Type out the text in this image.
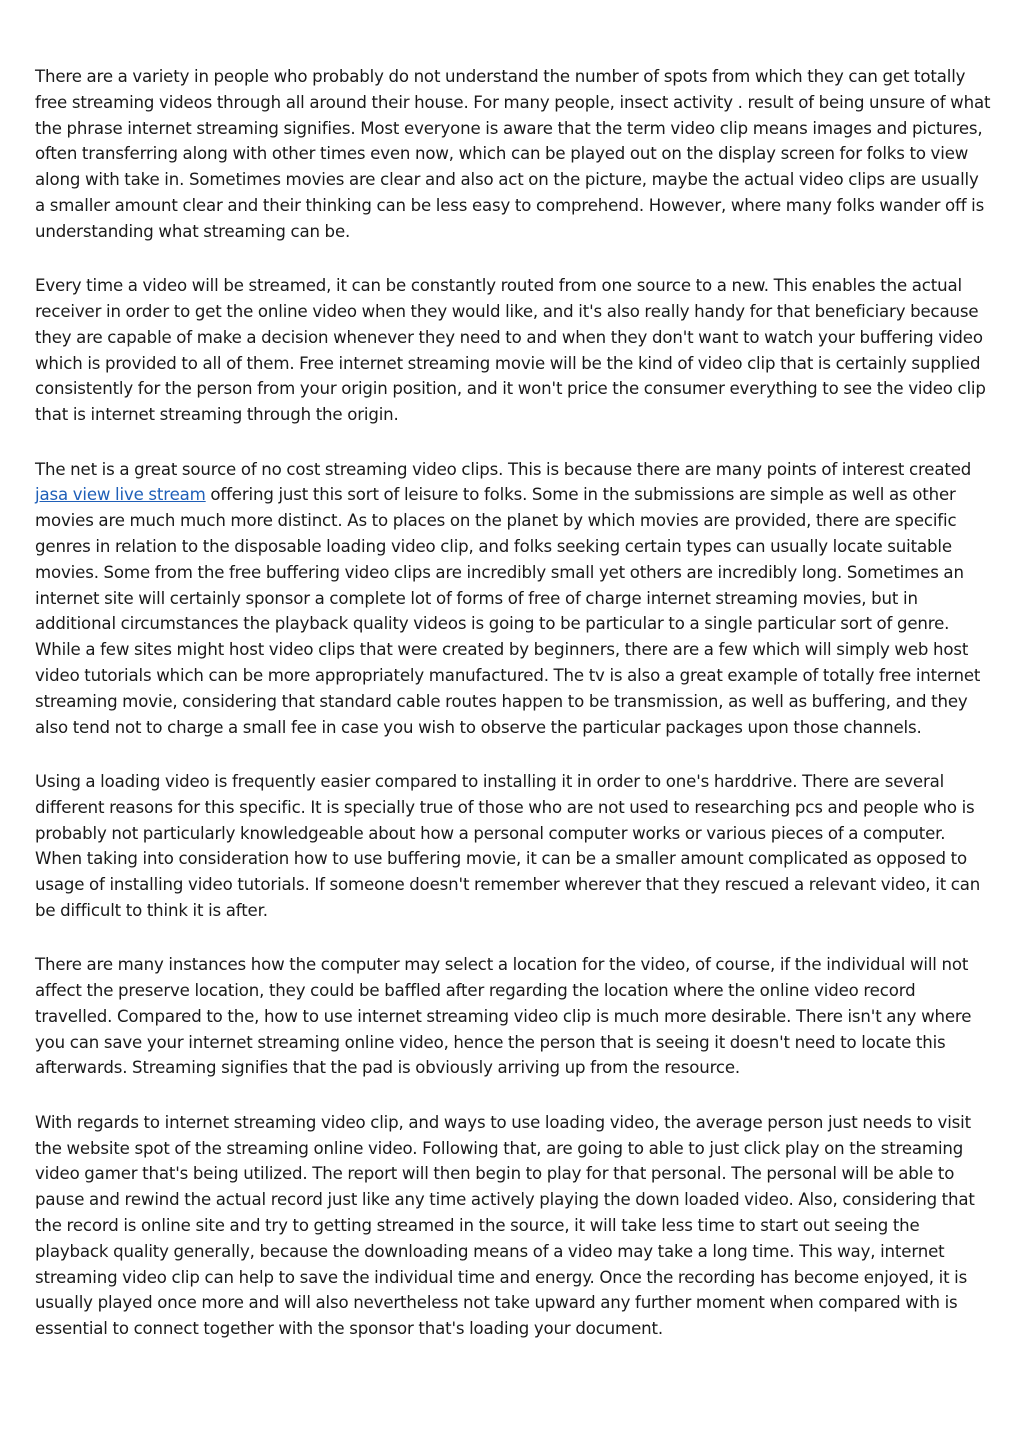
There are a variety in people who probably do not understand the number of spots from which they can get totally free streaming videos through all around their house. For many people, insect activity . result of being unsure of what the phrase internet streaming signifies. Most everyone is aware that the term video clip means images and pictures, often transferring along with other times even now, which can be played out on the display screen for folks to view along with take in. Sometimes movies are clear and also act on the picture, maybe the actual video clips are usually a smaller amount clear and their thinking can be less easy to comprehend. However, where many folks wander off is understanding what streaming can be.

Every time a video will be streamed, it can be constantly routed from one source to a new. This enables the actual receiver in order to get the online video when they would like, and it's also really handy for that beneficiary because they are capable of make a decision whenever they need to and when they don't want to watch your buffering video which is provided to all of them. Free internet streaming movie will be the kind of video clip that is certainly supplied consistently for the person from your origin position, and it won't price the consumer everything to see the video clip that is internet streaming through the origin.

The net is a great source of no cost streaming video clips. This is because there are many points of interest created jasa view live stream offering just this sort of leisure to folks. Some in the submissions are simple as well as other movies are much much more distinct. As to places on the planet by which movies are provided, there are specific genres in relation to the disposable loading video clip, and folks seeking certain types can usually locate suitable movies. Some from the free buffering video clips are incredibly small yet others are incredibly long. Sometimes an internet site will certainly sponsor a complete lot of forms of free of charge internet streaming movies, but in additional circumstances the playback quality videos is going to be particular to a single particular sort of genre. While a few sites might host video clips that were created by beginners, there are a few which will simply web host video tutorials which can be more appropriately manufactured. The tv is also a great example of totally free internet streaming movie, considering that standard cable routes happen to be transmission, as well as buffering, and they also tend not to charge a small fee in case you wish to observe the particular packages upon those channels.

Using a loading video is frequently easier compared to installing it in order to one's harddrive. There are several different reasons for this specific. It is specially true of those who are not used to researching pcs and people who is probably not particularly knowledgeable about how a personal computer works or various pieces of a computer. When taking into consideration how to use buffering movie, it can be a smaller amount complicated as opposed to usage of installing video tutorials. If someone doesn't remember wherever that they rescued a relevant video, it can be difficult to think it is after.

There are many instances how the computer may select a location for the video, of course, if the individual will not affect the preserve location, they could be baffled after regarding the location where the online video record travelled. Compared to the, how to use internet streaming video clip is much more desirable. There isn't any where you can save your internet streaming online video, hence the person that is seeing it doesn't need to locate this afterwards. Streaming signifies that the pad is obviously arriving up from the resource.

With regards to internet streaming video clip, and ways to use loading video, the average person just needs to visit the website spot of the streaming online video. Following that, are going to able to just click play on the streaming video gamer that's being utilized. The report will then begin to play for that personal. The personal will be able to pause and rewind the actual record just like any time actively playing the down loaded video. Also, considering that the record is online site and try to getting streamed in the source, it will take less time to start out seeing the playback quality generally, because the downloading means of a video may take a long time. This way, internet streaming video clip can help to save the individual time and energy. Once the recording has become enjoyed, it is usually played once more and will also nevertheless not take upward any further moment when compared with is essential to connect together with the sponsor that's loading your document.
